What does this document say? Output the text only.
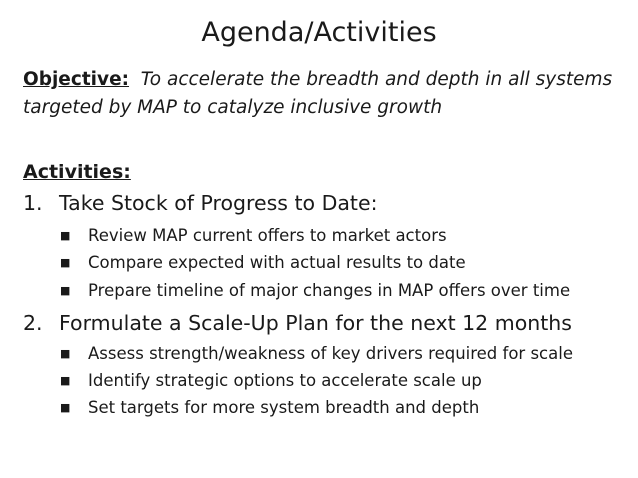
Agenda/Activities
Objective: To accelerate the breadth and depth in all systems targeted by MAP to catalyze inclusive growth
Activities:
1. Take Stock of Progress to Date:
■ Review MAP current offers to market actors
■ Compare expected with actual results to date
■ Prepare timeline of major changes in MAP offers over time
2. Formulate a Scale-Up Plan for the next 12 months
■ Assess strength/weakness of key drivers required for scale
■ Identify strategic options to accelerate scale up
■ Set targets for more system breadth and depth
